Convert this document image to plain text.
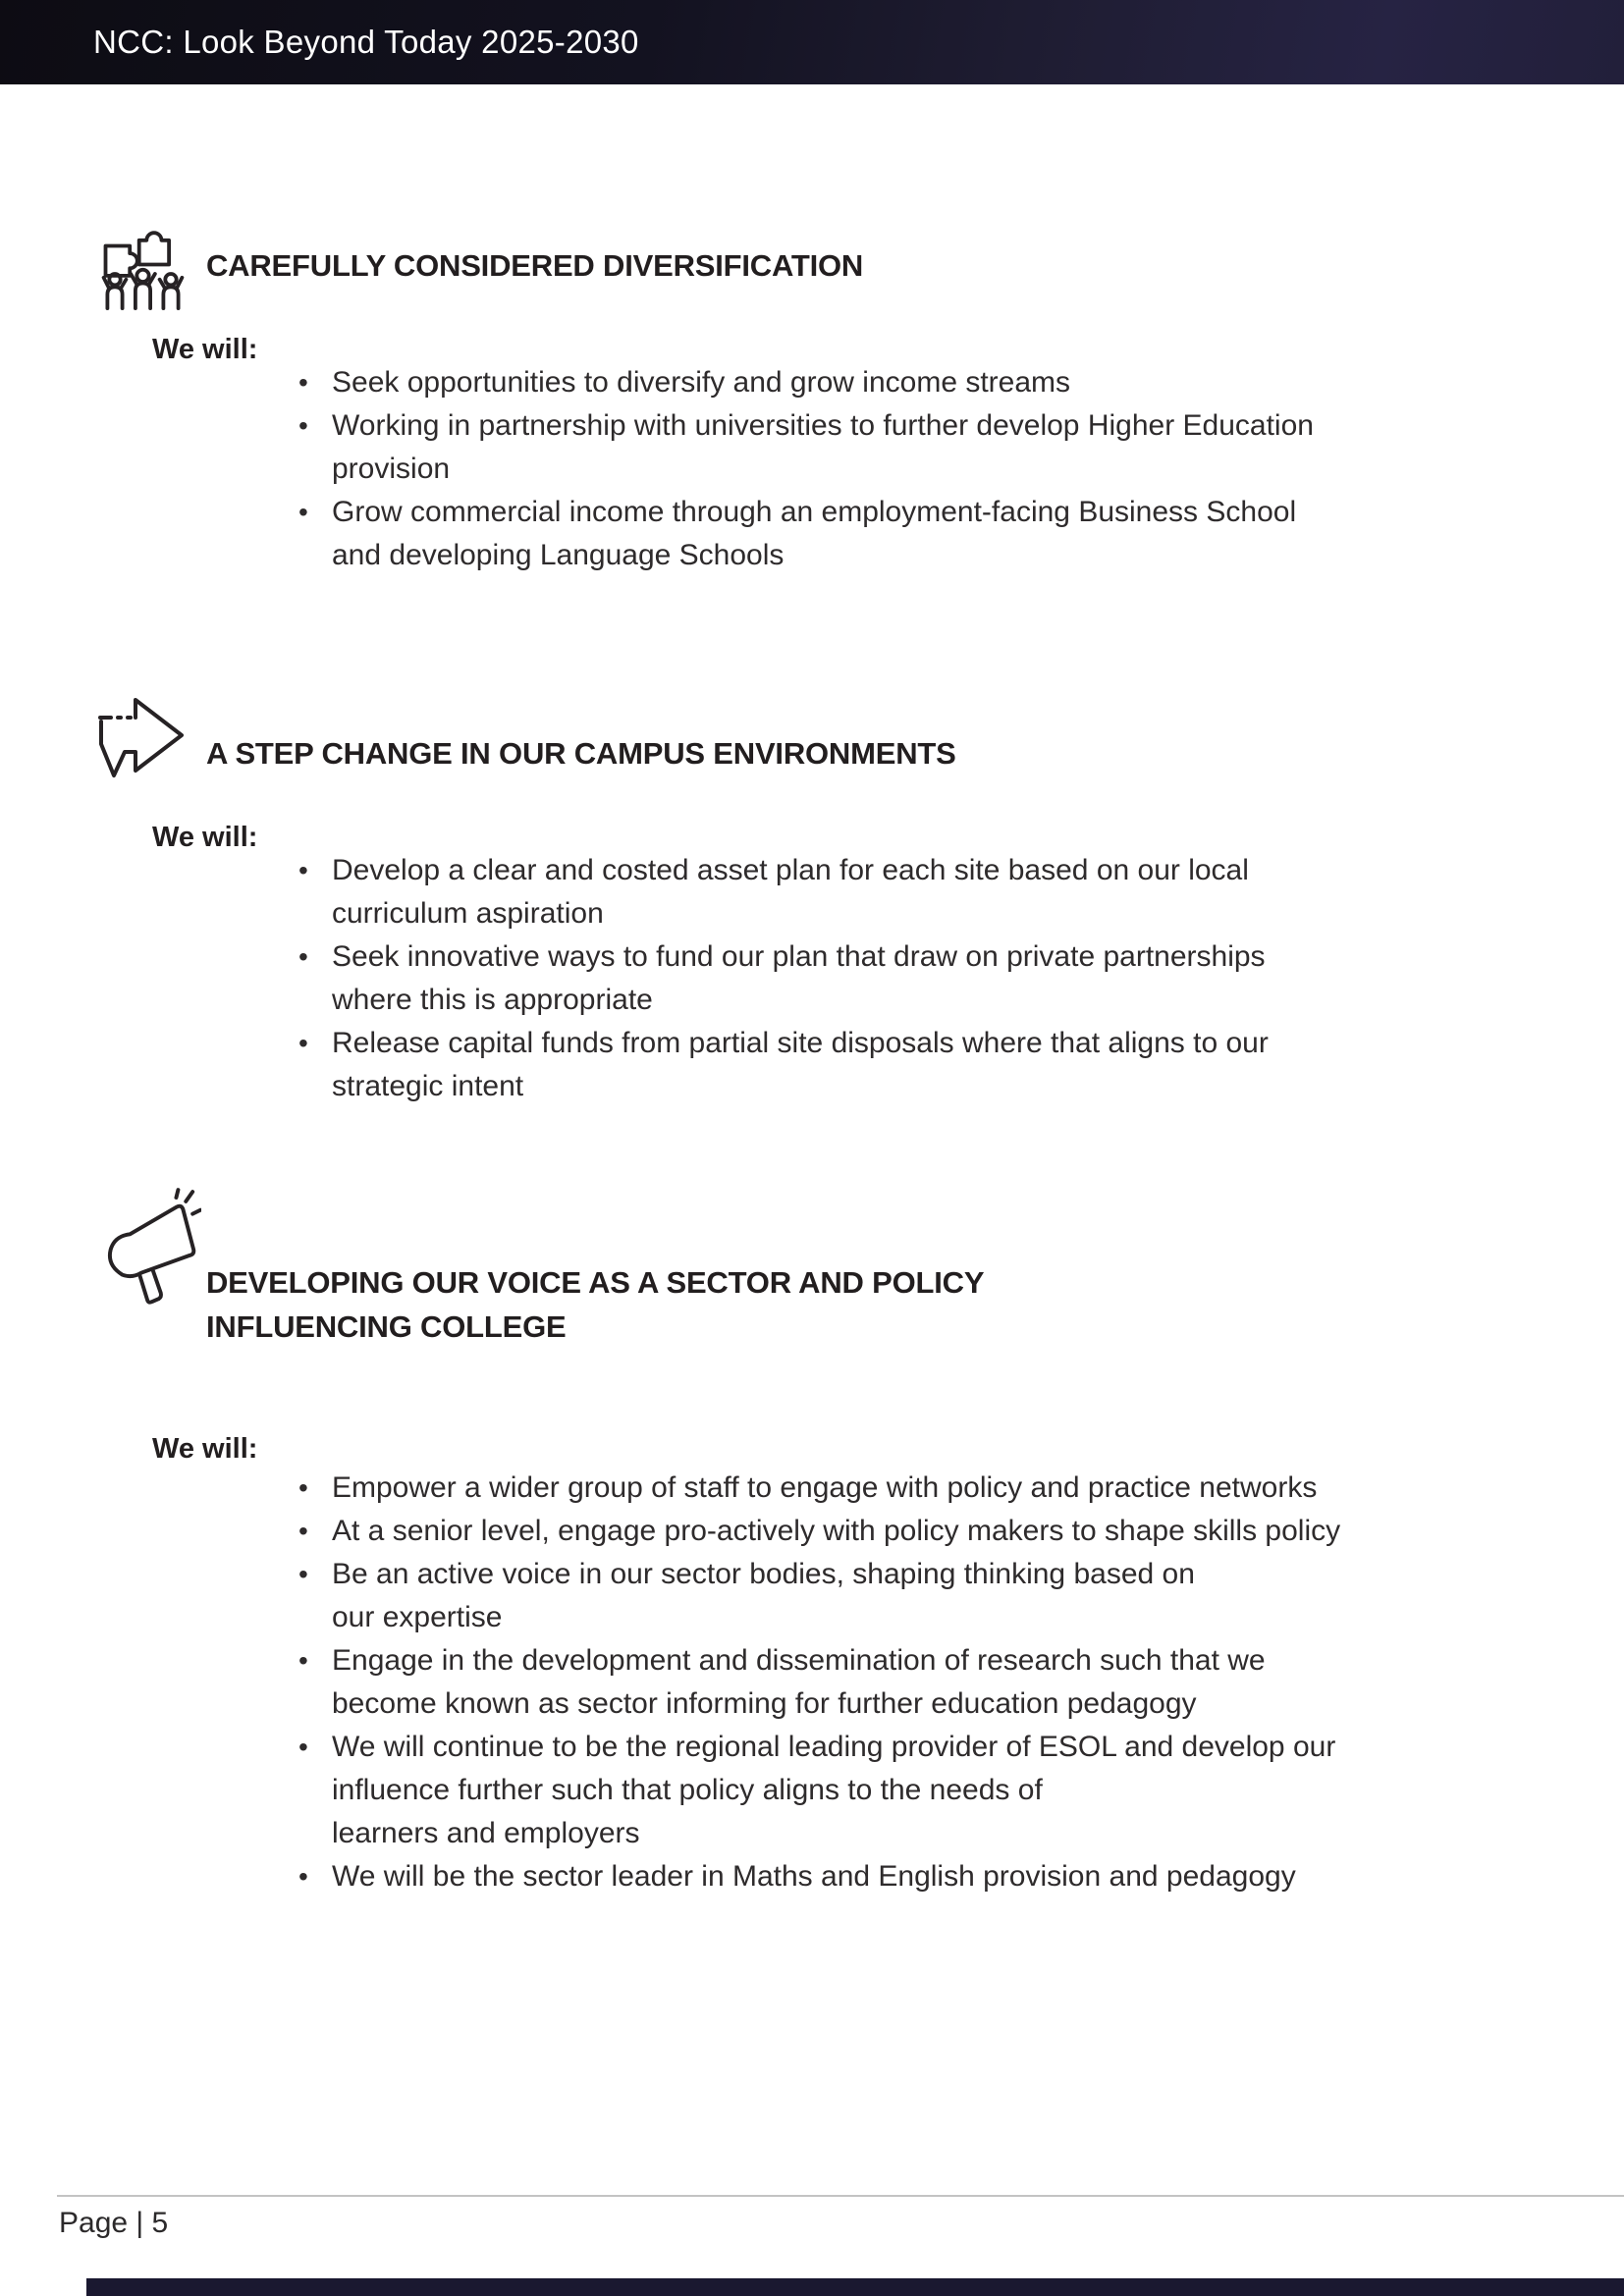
NCC: Look Beyond Today 2025-2030
CAREFULLY CONSIDERED DIVERSIFICATION
We will:
• Seek opportunities to diversify and grow income streams
• Working in partnership with universities to further develop Higher Education
provision
• Grow commercial income through an employment-facing Business School
and developing Language Schools
A STEP CHANGE IN OUR CAMPUS ENVIRONMENTS
We will:
• Develop a clear and costed asset plan for each site based on our local
curriculum aspiration
• Seek innovative ways to fund our plan that draw on private partnerships
where this is appropriate
• Release capital funds from partial site disposals where that aligns to our
strategic intent
DEVELOPING OUR VOICE AS A SECTOR AND POLICY
INFLUENCING COLLEGE
We will:
• Empower a wider group of staff to engage with policy and practice networks
• At a senior level, engage pro-actively with policy makers to shape skills policy
• Be an active voice in our sector bodies, shaping thinking based on
our expertise
• Engage in the development and dissemination of research such that we
become known as sector informing for further education pedagogy
• We will continue to be the regional leading provider of ESOL and develop our
influence further such that policy aligns to the needs of
learners and employers
• We will be the sector leader in Maths and English provision and pedagogy
Page | 5
